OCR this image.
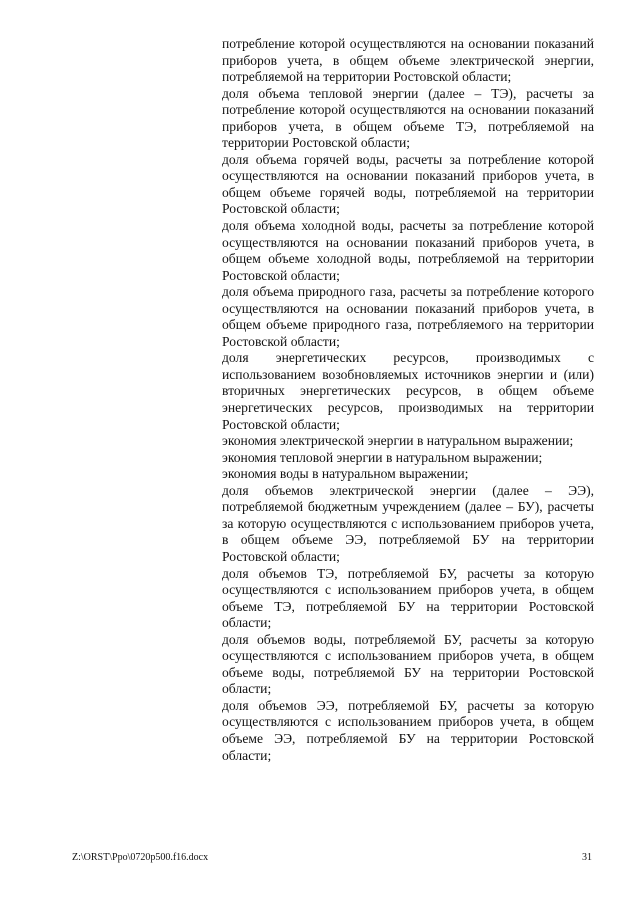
потребление которой осуществляются на основании показаний приборов учета, в общем объеме электрической энергии, потребляемой на территории Ростовской области;

доля объема тепловой энергии (далее – ТЭ), расчеты за потребление которой осуществляются на основании показаний приборов учета, в общем объеме ТЭ, потребляемой на территории Ростовской области;

доля объема горячей воды, расчеты за потребление которой осуществляются на основании показаний приборов учета, в общем объеме горячей воды, потребляемой на территории Ростовской области;

доля объема холодной воды, расчеты за потребление которой осуществляются на основании показаний приборов учета, в общем объеме холодной воды, потребляемой на территории Ростовской области;

доля объема природного газа, расчеты за потребление которого осуществляются на основании показаний приборов учета, в общем объеме природного газа, потребляемого на территории Ростовской области;

доля энергетических ресурсов, производимых с использованием возобновляемых источников энергии и (или) вторичных энергетических ресурсов, в общем объеме энергетических ресурсов, производимых на территории Ростовской области;

экономия электрической энергии в натуральном выражении;

экономия тепловой энергии в натуральном выражении;

экономия воды в натуральном выражении;

доля объемов электрической энергии (далее – ЭЭ), потребляемой бюджетным учреждением (далее – БУ), расчеты за которую осуществляются с использованием приборов учета, в общем объеме ЭЭ, потребляемой БУ на территории Ростовской области;

доля объемов ТЭ, потребляемой БУ, расчеты за которую осуществляются с использованием приборов учета, в общем объеме ТЭ, потребляемой БУ на территории Ростовской области;

доля объемов воды, потребляемой БУ, расчеты за которую осуществляются с использованием приборов учета, в общем объеме воды, потребляемой БУ на территории Ростовской области;

доля объемов ЭЭ, потребляемой БУ, расчеты за которую осуществляются с использованием приборов учета, в общем объеме ЭЭ, потребляемой БУ на территории Ростовской области;

Z:\ORST\Ppo\0720p500.f16.docx	31
